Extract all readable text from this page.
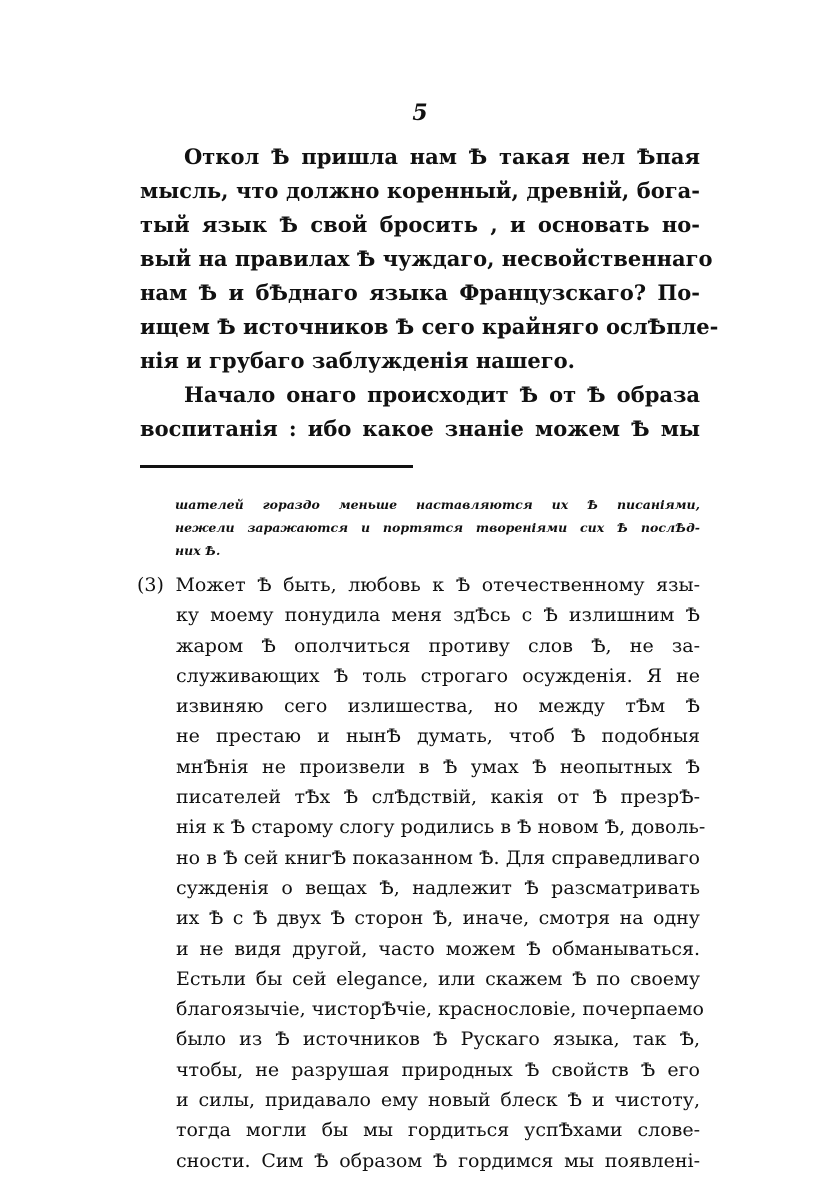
5
Откол Ѣ пришла нам Ѣ такая нел Ѣпая
мысль, что должно коренный, древній, бога-
тый язык Ѣ свой бросить , и основать но-
вый на правилах Ѣ чуждаго, несвойственнаго
нам Ѣ и бѢднаго языка Французскаго? По-
ищем Ѣ источников Ѣ сего крайняго ослѢпле-
нія и грубаго заблужденія нашего.
Начало онаго происходит Ѣ от Ѣ образа
воспитанія : ибо какое знаніе можем Ѣ мы
шателей гораздо меньше наставляются их Ѣ писаніями,
нежели заражаются и портятся твореніями сих Ѣ послѢд-
них Ѣ.
(3) Может Ѣ быть, любовь к Ѣ отечественному язы-
ку моему понудила меня здѢсь с Ѣ излишним Ѣ
жаром Ѣ ополчиться противу слов Ѣ, не за-
служивающих Ѣ толь строгаго осужденія. Я не
извиняю сего излишества, но между тѢм Ѣ
не престаю и нынѢ думать, чтоб Ѣ подобныя
мнѢнія не произвели в Ѣ умах Ѣ неопытных Ѣ
писателей тѢх Ѣ слѢдствій, какія от Ѣ презрѢ-
нія к Ѣ старому слогу родились в Ѣ новом Ѣ, доволь-
но в Ѣ сей книгѢ показанном Ѣ. Для справедливаго
сужденія о вещах Ѣ, надлежит Ѣ разсматривать
их Ѣ с Ѣ двух Ѣ сторон Ѣ, иначе, смотря на одну
и не видя другой, часто можем Ѣ обманываться.
Естьли бы сей elegance, или скажем Ѣ по своему
благоязычіе, чисторѢчіе, краснословіе, почерпаемо
было из Ѣ источников Ѣ Рускаго языка, так Ѣ,
чтобы, не разрушая природных Ѣ свойств Ѣ его
и силы, придавало ему новый блеск Ѣ и чистоту,
тогда могли бы мы гордиться успѢхами слове-
сности. Сим Ѣ образом Ѣ гордимся мы появлені-
